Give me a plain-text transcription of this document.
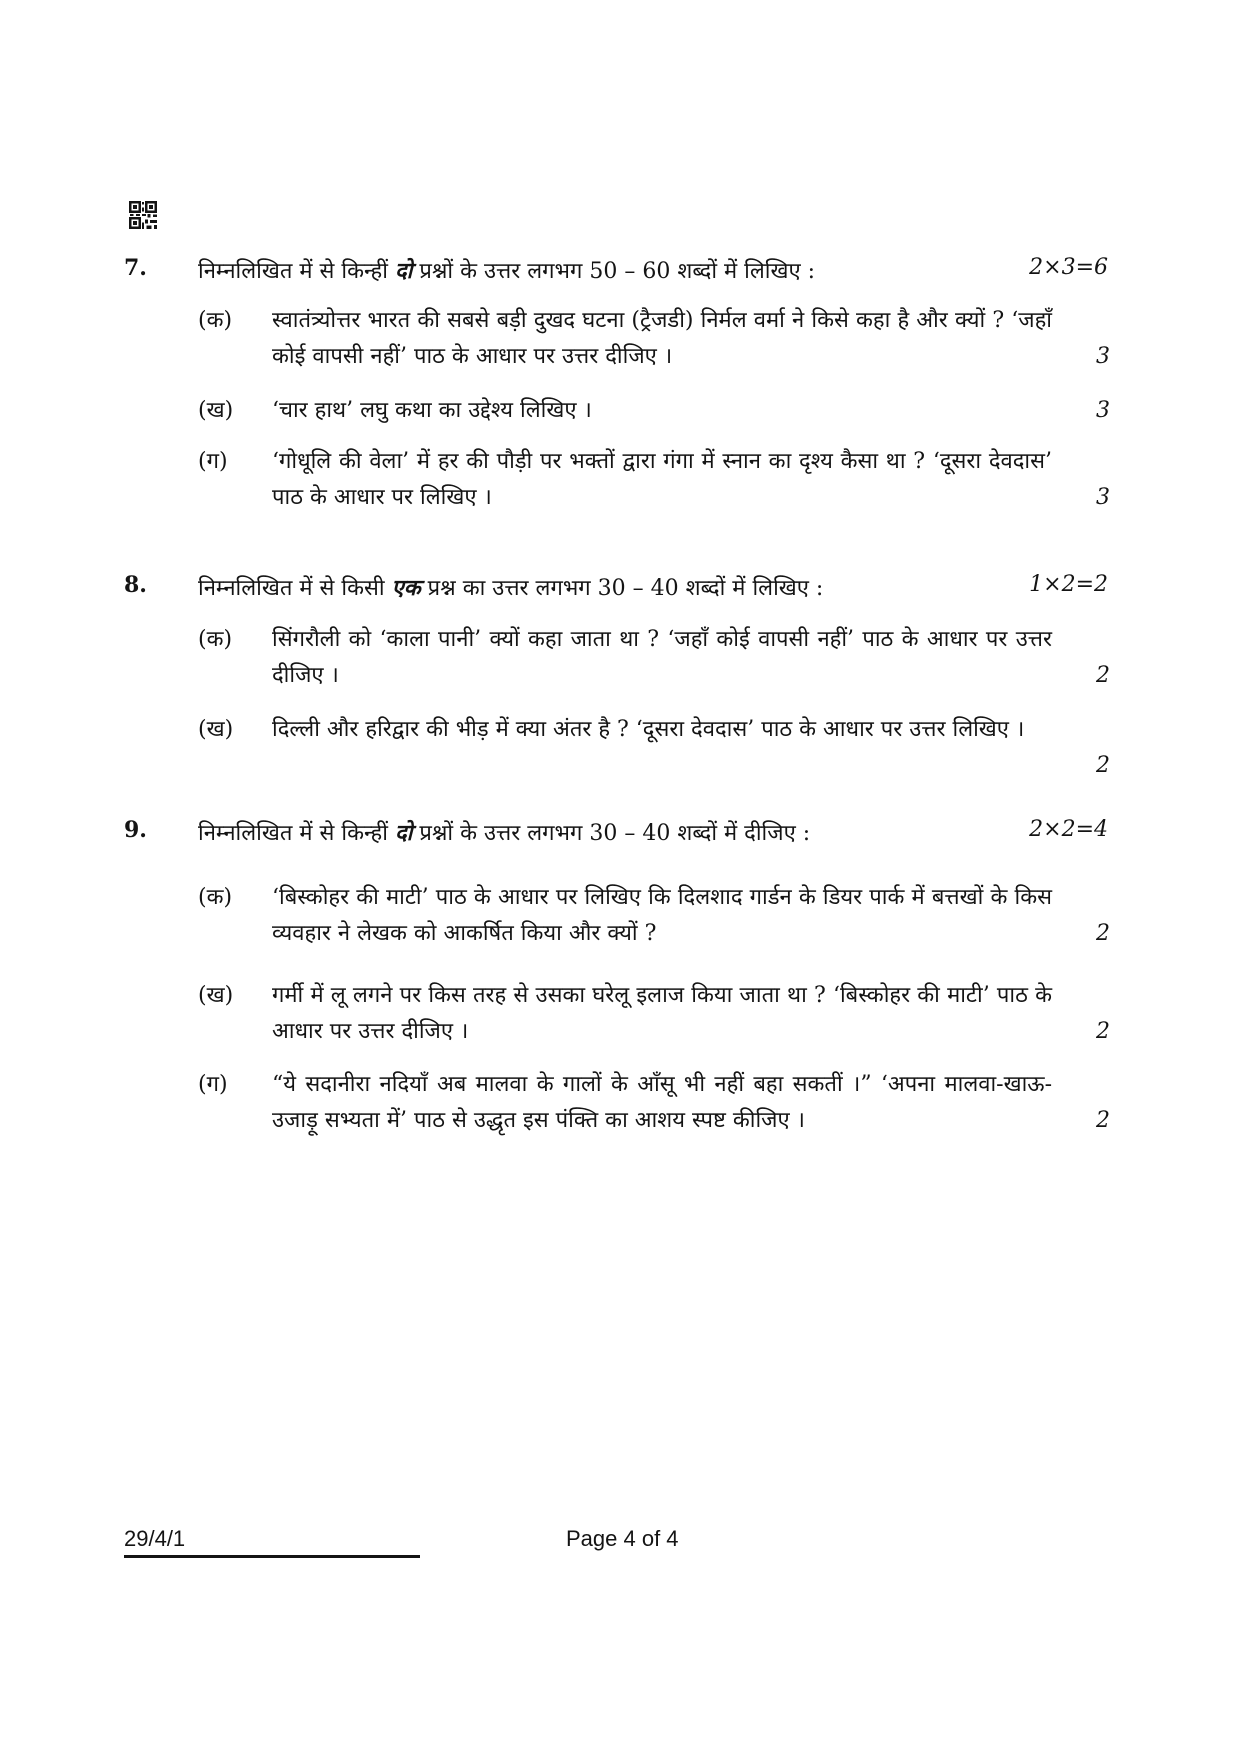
7. निम्नलिखित में से किन्हीं दो प्रश्नों के उत्तर लगभग 50 – 60 शब्दों में लिखिए :	2×3=6
(क) स्वातंत्र्योत्तर भारत की सबसे बड़ी दुखद घटना (ट्रैजडी) निर्मल वर्मा ने किसे कहा है और क्यों ? ‘जहाँ कोई वापसी नहीं’ पाठ के आधार पर उत्तर दीजिए ।	3
(ख) ‘चार हाथ’ लघु कथा का उद्देश्य लिखिए ।	3
(ग) ‘गोधूलि की वेला’ में हर की पौड़ी पर भक्तों द्वारा गंगा में स्नान का दृश्य कैसा था ? ‘दूसरा देवदास’ पाठ के आधार पर लिखिए ।	3
8. निम्नलिखित में से किसी एक प्रश्न का उत्तर लगभग 30 – 40 शब्दों में लिखिए :	1×2=2
(क) सिंगरौली को ‘काला पानी’ क्यों कहा जाता था ? ‘जहाँ कोई वापसी नहीं’ पाठ के आधार पर उत्तर दीजिए ।	2
(ख) दिल्ली और हरिद्वार की भीड़ में क्या अंतर है ? ‘दूसरा देवदास’ पाठ के आधार पर उत्तर लिखिए ।
2
9. निम्नलिखित में से किन्हीं दो प्रश्नों के उत्तर लगभग 30 – 40 शब्दों में दीजिए :	2×2=4
(क) ‘बिस्कोहर की माटी’ पाठ के आधार पर लिखिए कि दिलशाद गार्डन के डियर पार्क में बत्तखों के किस व्यवहार ने लेखक को आकर्षित किया और क्यों ?	2
(ख) गर्मी में लू लगने पर किस तरह से उसका घरेलू इलाज किया जाता था ? ‘बिस्कोहर की माटी’ पाठ के आधार पर उत्तर दीजिए ।	2
(ग) “ये सदानीरा नदियाँ अब मालवा के गालों के आँसू भी नहीं बहा सकतीं ।” ‘अपना मालवा-खाऊ-उजाड़ू सभ्यता में’ पाठ से उद्धृत इस पंक्ति का आशय स्पष्ट कीजिए ।	2
29/4/1	Page 4 of 4
